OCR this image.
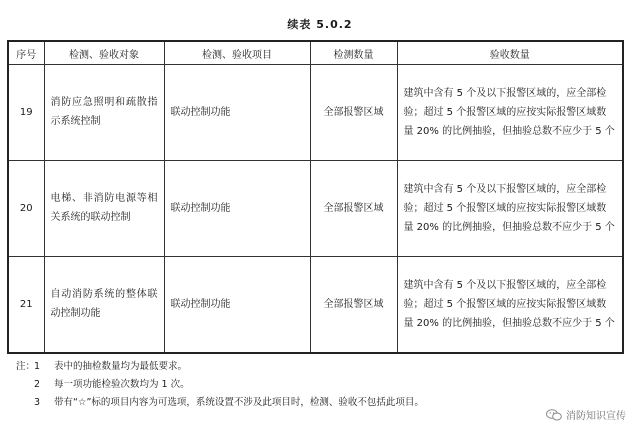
续表 5.0.2
序号	检测、验收对象	检测、验收项目	检测数量	验收数量
19	消防应急照明和疏散指示系统控制	联动控制功能	全部报警区域	建筑中含有 5 个及以下报警区域的，应全部检验；超过 5 个报警区域的应按实际报警区域数量 20% 的比例抽验，但抽验总数不应少于 5 个
20	电梯、非消防电源等相关系统的联动控制	联动控制功能	全部报警区域	建筑中含有 5 个及以下报警区域的，应全部检验；超过 5 个报警区域的应按实际报警区域数量 20% 的比例抽验，但抽验总数不应少于 5 个
21	自动消防系统的整体联动控制功能	联动控制功能	全部报警区域	建筑中含有 5 个及以下报警区域的，应全部检验；超过 5 个报警区域的应按实际报警区域数量 20% 的比例抽验，但抽验总数不应少于 5 个
注：1 表中的抽检数量均为最低要求。
2 每一项功能检验次数均为 1 次。
3 带有“☆”标的项目内容为可选项，系统设置不涉及此项目时，检测、验收不包括此项目。
消防知识宣传
